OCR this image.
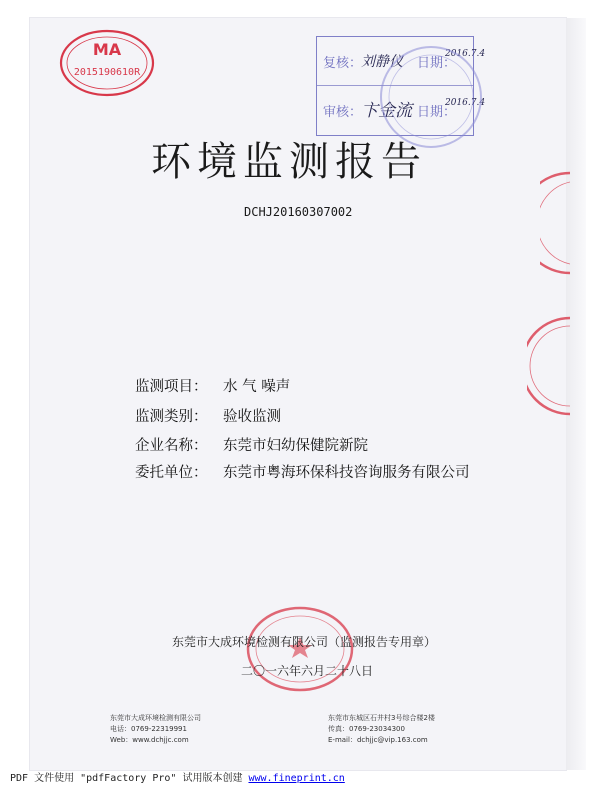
MA
2015190610R
复核：
刘静仪 日期：
2016.7.4
审核：
卞金流 日期：
2016.7.4
环境监测报告
DCHJ20160307002
监测项目： 水 气 噪声
监测类别： 验收监测
企业名称： 东莞市妇幼保健院新院
委托单位： 东莞市粤海环保科技咨询服务有限公司
东莞市大成环境检测有限公司（监测报告专用章）
二〇一六年六月二十八日
东莞市大成环境检测有限公司
电话：0769-22319991
Web：www.dchjjc.com
东莞市东城区石井村3号综合楼2楼
传真：0769-23034300
E-mail：dchjjc@vip.163.com
PDF 文件使用 "pdfFactory Pro" 试用版本创建 www.fineprint.cn
